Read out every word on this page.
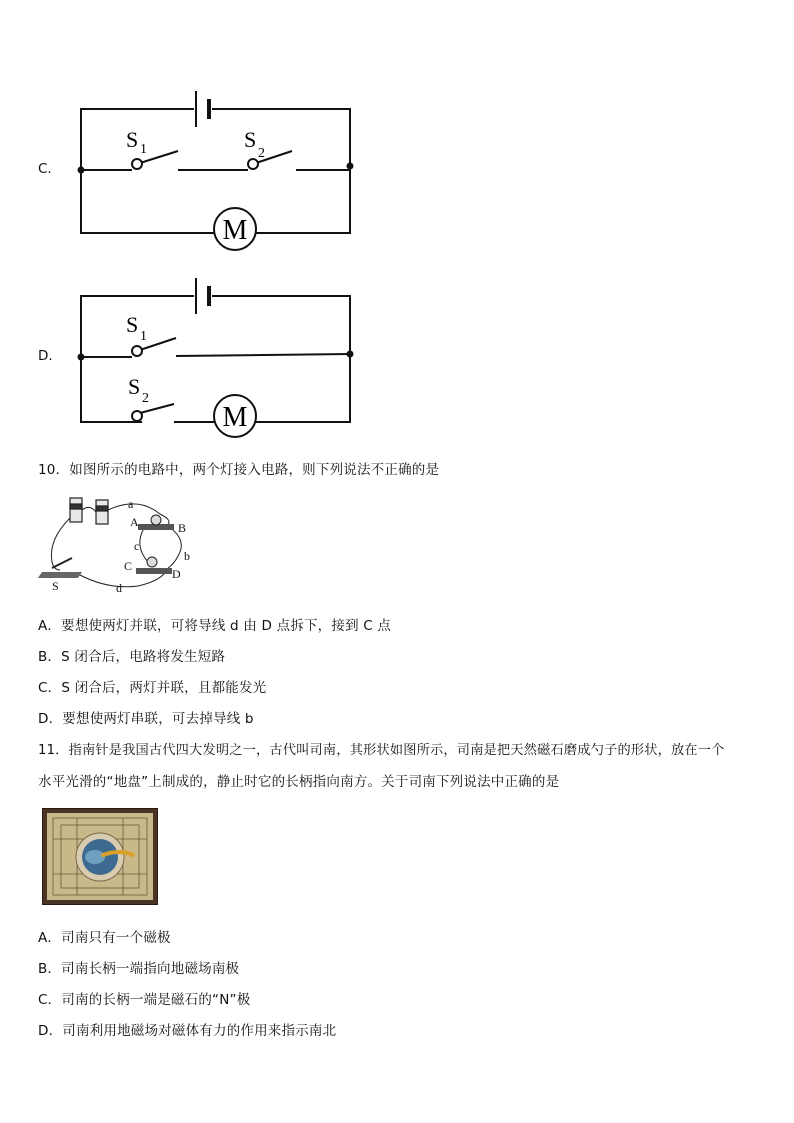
C.
M
S 1	S
2
D.
M
S 1
S 2
10．如图所示的电路中，两个灯接入电路，则下列说法不正确的是
a
A	B
c
b
C
D
S	d
A．要想使两灯并联，可将导线 d 由 D 点拆下，接到 C 点
B．S 闭合后，电路将发生短路
C．S 闭合后，两灯并联，且都能发光
D．要想使两灯串联，可去掉导线 b
11．指南针是我国古代四大发明之一，古代叫司南，其形状如图所示，司南是把天然磁石磨成勺子的形状，放在一个
水平光滑的“地盘”上制成的，静止时它的长柄指向南方。关于司南下列说法中正确的是
A．司南只有一个磁极
B．司南长柄一端指向地磁场南极
C．司南的长柄一端是磁石的“N”极
D．司南利用地磁场对磁体有力的作用来指示南北
